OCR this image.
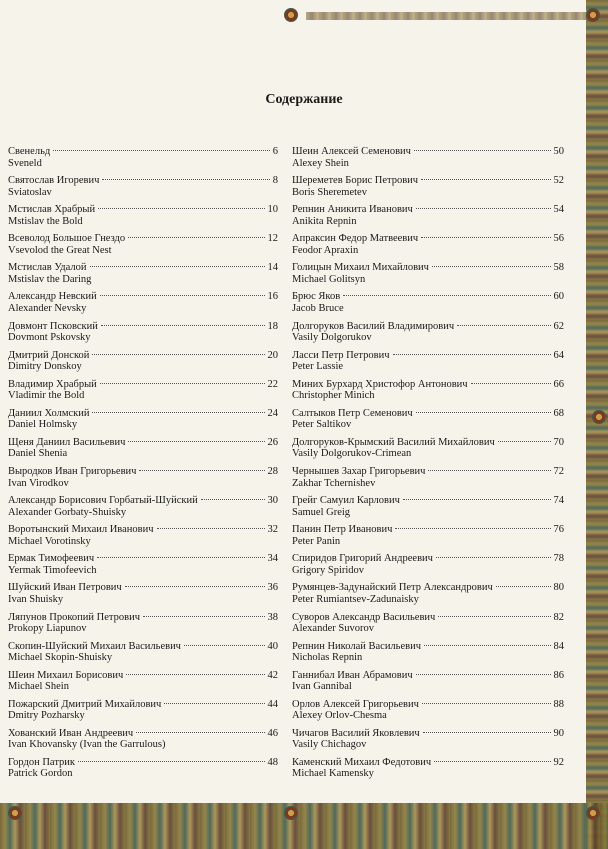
Содержание
Свенельд	6
Sveneld
Святослав Игоревич	8
Sviatoslav
Мстислав Храбрый	10
Mstislav the Bold
Всеволод Большое Гнездо	12
Vsevolod the Great Nest
Мстислав Удалой	14
Mstislav the Daring
Александр Невский	16
Alexander Nevsky
Довмонт Псковский	18
Dovmont Pskovsky
Дмитрий Донской	20
Dimitry Donskoy
Владимир Храбрый	22
Vladimir the Bold
Даниил Холмский	24
Daniel Holmsky
Щеня Даниил Васильевич	26
Daniel Shenia
Выродков Иван Григорьевич	28
Ivan Virodkov
Александр Борисович Горбатый-Шуйский	30
Alexander Gorbaty-Shuisky
Воротынский Михаил Иванович	32
Michael Vorotinsky
Ермак Тимофеевич	34
Yermak Timofeevich
Шуйский Иван Петрович	36
Ivan Shuisky
Ляпунов Прокопий Петрович	38
Prokopy Liapunov
Скопин-Шуйский Михаил Васильевич	40
Michael Skopin-Shuisky
Шеин Михаил Борисович	42
Michael Shein
Пожарский Дмитрий Михайлович	44
Dmitry Pozharsky
Хованский Иван Андреевич	46
Ivan Khovansky (Ivan the Garrulous)
Гордон Патрик	48
Patrick Gordon
Шеин Алексей Семенович	50
Alexey Shein
Шереметев Борис Петрович	52
Boris Sheremetev
Репнин Аникита Иванович	54
Anikita Repnin
Апраксин Федор Матвеевич	56
Feodor Apraxin
Голицын Михаил Михайлович	58
Michael Golitsyn
Брюс Яков	60
Jacob Bruce
Долгоруков Василий Владимирович	62
Vasily Dolgorukov
Ласси Петр Петрович	64
Peter Lassie
Миних Бурхард Христофор Антонович	66
Christopher Minich
Салтыков Петр Семенович	68
Peter Saltikov
Долгоруков-Крымский Василий Михайлович	70
Vasily Dolgorukov-Crimean
Чернышев Захар Григорьевич	72
Zakhar Tchernishev
Грейг Самуил Карлович	74
Samuel Greig
Панин Петр Иванович	76
Peter Panin
Спиридов Григорий Андреевич	78
Grigory Spiridov
Румянцев-Задунайский Петр Александрович	80
Peter Rumiantsev-Zadunaisky
Суворов Александр Васильевич	82
Alexander Suvorov
Репнин Николай Васильевич	84
Nicholas Repnin
Ганнибал Иван Абрамович	86
Ivan Gannibal
Орлов Алексей Григорьевич	88
Alexey Orlov-Chesma
Чичагов Василий Яковлевич	90
Vasily Chichagov
Каменский Михаил Федотович	92
Michael Kamensky
